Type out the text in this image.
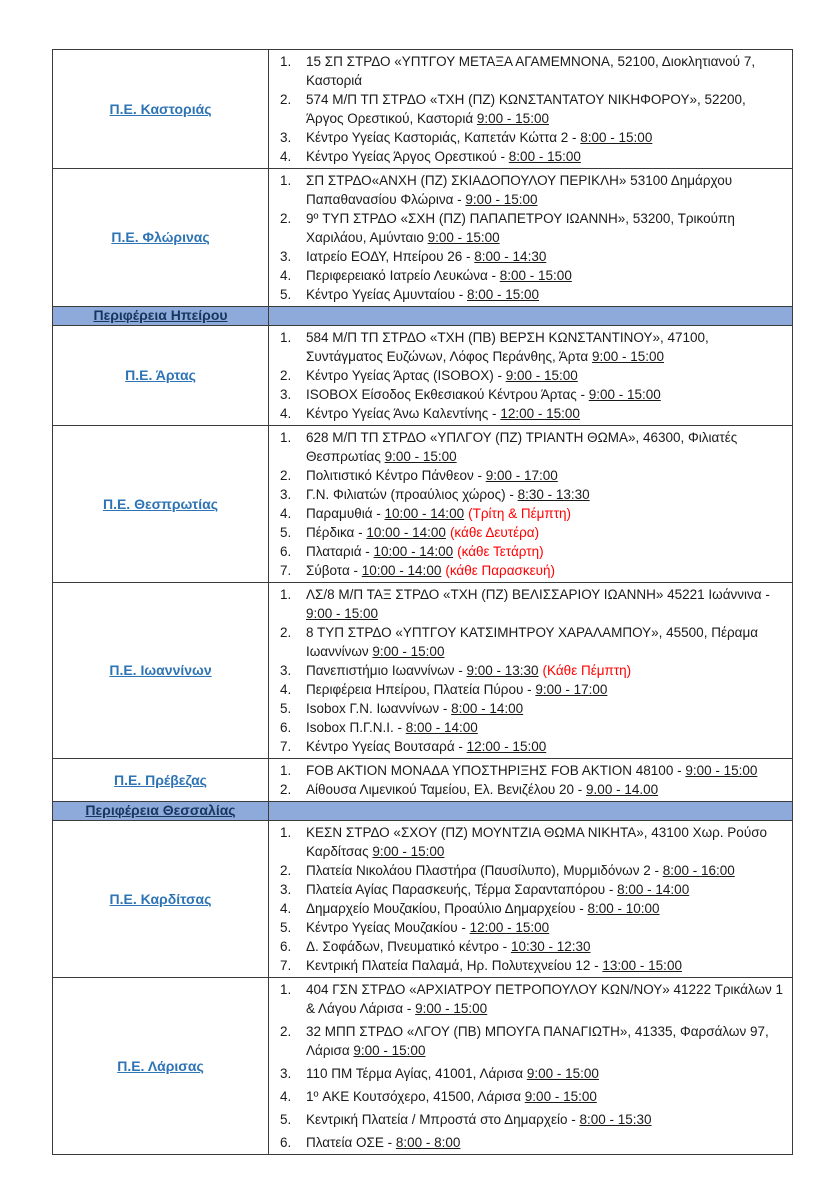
Π.Ε. Καστοριάς	
1. 15 ΣΠ ΣΤΡΔΟ «ΥΠΤΓΟΥ ΜΕΤΑΞΑ ΑΓΑΜΕΜΝΟΝΑ, 52100, Διοκλητιανού 7, Καστοριά
2. 574 Μ/Π ΤΠ ΣΤΡΔΟ «ΤΧΗ (ΠΖ) ΚΩΝΣΤΑΝΤΑΤΟΥ ΝΙΚΗΦΟΡΟΥ», 52200, Άργος Ορεστικού, Καστοριά 9:00 - 15:00
3. Κέντρο Υγείας Καστοριάς, Καπετάν Κώττα 2 - 8:00 - 15:00
4. Κέντρο Υγείας Άργος Ορεστικού - 8:00 - 15:00

Π.Ε. Φλώρινας	
1. ΣΠ ΣΤΡΔΟ«ΑΝΧΗ (ΠΖ) ΣΚΙΑΔΟΠΟΥΛΟΥ ΠΕΡΙΚΛΗ» 53100 Δημάρχου Παπαθανασίου Φλώρινα - 9:00 - 15:00
2. 9º ΤΥΠ ΣΤΡΔΟ «ΣΧΗ (ΠΖ) ΠΑΠΑΠΕΤΡΟΥ ΙΩΑΝΝΗ», 53200, Τρικούπη Χαριλάου, Αμύνταιο 9:00 - 15:00
3. Ιατρείο ΕΟΔΥ, Ηπείρου 26 - 8:00 - 14:30
4. Περιφερειακό Ιατρείο Λευκώνα - 8:00 - 15:00
5. Κέντρο Υγείας Αμυνταίου - 8:00 - 15:00

Περιφέρεια Ηπείρου	
Π.Ε. Άρτας	
1. 584 Μ/Π ΤΠ ΣΤΡΔΟ «ΤΧΗ (ΠΒ) ΒΕΡΣΗ ΚΩΝΣΤΑΝΤΙΝΟΥ», 47100, Συντάγματος Ευζώνων, Λόφος Περάνθης, Άρτα 9:00 - 15:00
2. Κέντρο Υγείας Άρτας (ISOBOX) - 9:00 - 15:00
3. ISOBOX Είσοδος Εκθεσιακού Κέντρου Άρτας - 9:00 - 15:00
4. Κέντρο Υγείας Άνω Καλεντίνης - 12:00 - 15:00

Π.Ε. Θεσπρωτίας	
1. 628 Μ/Π ΤΠ ΣΤΡΔΟ «ΥΠΛΓΟΥ (ΠΖ) ΤΡΙΑΝΤΗ ΘΩΜΑ», 46300, Φιλιατές Θεσπρωτίας 9:00 - 15:00
2. Πολιτιστικό Κέντρο Πάνθεον - 9:00 - 17:00
3. Γ.Ν. Φιλιατών (προαύλιος χώρος) - 8:30 - 13:30
4. Παραμυθιά - 10:00 - 14:00 (Τρίτη & Πέμπτη)
5. Πέρδικα - 10:00 - 14:00 (κάθε Δευτέρα)
6. Πλαταριά - 10:00 - 14:00 (κάθε Τετάρτη)
7. Σύβοτα - 10:00 - 14:00 (κάθε Παρασκευή)

Π.Ε. Ιωαννίνων	
1. ΛΣ/8 Μ/Π ΤΑΞ ΣΤΡΔΟ «ΤΧΗ (ΠΖ) ΒΕΛΙΣΣΑΡΙΟΥ ΙΩΑΝΝΗ» 45221 Ιωάννινα - 9:00 - 15:00
2. 8 ΤΥΠ ΣΤΡΔΟ «ΥΠΤΓΟΥ ΚΑΤΣΙΜΗΤΡΟΥ ΧΑΡΑΛΑΜΠΟΥ», 45500, Πέραμα Ιωαννίνων 9:00 - 15:00
3. Πανεπιστήμιο Ιωαννίνων - 9:00 - 13:30 (Κάθε Πέμπτη)
4. Περιφέρεια Ηπείρου, Πλατεία Πύρου - 9:00 - 17:00
5. Isobox Γ.Ν. Ιωαννίνων - 8:00 - 14:00
6. Isobox Π.Γ.Ν.Ι. - 8:00 - 14:00
7. Κέντρο Υγείας Βουτσαρά - 12:00 - 15:00

Π.Ε. Πρέβεζας	1. FOB AKTION ΜΟΝΑΔΑ ΥΠΟΣΤΗΡΙΞΗΣ FOB AKTION 48100 - 9:00 - 15:00
2. Αίθουσα Λιμενικού Ταμείου, Ελ. Βενιζέλου 20 - 9.00 - 14.00

Περιφέρεια Θεσσαλίας	
Π.Ε. Καρδίτσας	
1. ΚΕΣΝ ΣΤΡΔΟ «ΣΧΟΥ (ΠΖ) ΜΟΥΝΤΖΙΑ ΘΩΜΑ ΝΙΚΗΤΑ», 43100 Χωρ. Ρούσο Καρδίτσας 9:00 - 15:00
2. Πλατεία Νικολάου Πλαστήρα (Παυσίλυπο), Μυρμιδόνων 2 - 8:00 - 16:00
3. Πλατεία Αγίας Παρασκευής, Τέρμα Σαρανταπόρου - 8:00 - 14:00
4. Δημαρχείο Μουζακίου, Προαύλιο Δημαρχείου - 8:00 - 10:00
5. Κέντρο Υγείας Μουζακίου - 12:00 - 15:00
6. Δ. Σοφάδων, Πνευματικό κέντρο - 10:30 - 12:30
7. Κεντρική Πλατεία Παλαμά, Ηρ. Πολυτεχνείου 12 - 13:00 - 15:00

Π.Ε. Λάρισας	
1. 404 ΓΣΝ ΣΤΡΔΟ «ΑΡΧΙΑΤΡΟΥ ΠΕΤΡΟΠΟΥΛΟΥ ΚΩΝ/ΝΟΥ» 41222 Τρικάλων 1 & Λάγου Λάρισα - 9:00 - 15:00
2. 32 ΜΠΠ ΣΤΡΔΟ «ΛΓΟΥ (ΠΒ) ΜΠΟΥΓΑ ΠΑΝΑΓΙΩΤΗ», 41335, Φαρσάλων 97, Λάρισα 9:00 - 15:00
3. 110 ΠΜ Τέρμα Αγίας, 41001, Λάρισα 9:00 - 15:00
4. 1º ΑΚΕ Κουτσόχερο, 41500, Λάρισα 9:00 - 15:00
5. Κεντρική Πλατεία / Μπροστά στο Δημαρχείο - 8:00 - 15:30
6. Πλατεία ΟΣΕ - 8:00 - 8:00
